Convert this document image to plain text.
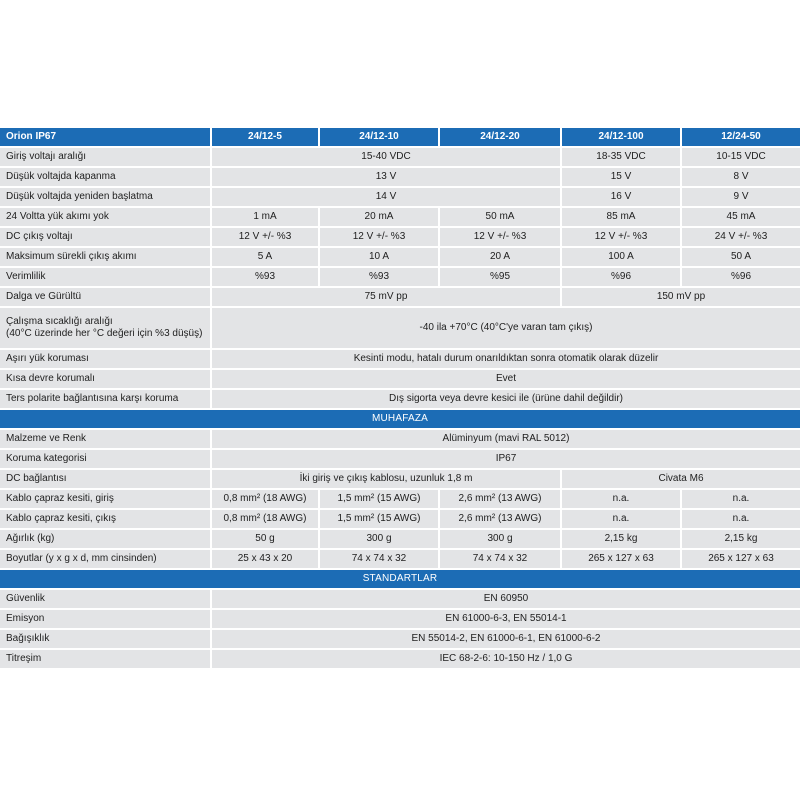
Orion IP67	24/12-5	24/12-10	24/12-20	24/12-100	12/24-50
Giriş voltajı aralığı	15-40 VDC			18-35 VDC	10-15 VDC
Düşük voltajda kapanma	13 V			15 V	8 V
Düşük voltajda yeniden başlatma	14 V			16 V	9 V
24 Voltta yük akımı yok	1 mA	20 mA	50 mA	85 mA	45 mA
DC çıkış voltajı	12 V +/- %3	12 V +/- %3	12 V +/- %3	12 V +/- %3	24 V +/- %3
Maksimum sürekli çıkış akımı	5 A	10 A	20 A	100 A	50 A
Verimlilik	%93	%93	%95	%96	%96
Dalga ve Gürültü	75 mV pp			150 mV pp	

Çalışma sıcaklığı aralığı
(40°C üzerinde her °C değeri için %3 düşüş)	-40 ila +70°C (40°C'ye varan tam çıkış)				
Aşırı yük koruması	Kesinti modu, hatalı durum onarıldıktan sonra otomatik olarak düzelir				
Kısa devre korumalı	Evet				
Ters polarite bağlantısına karşı koruma	Dış sigorta veya devre kesici ile (ürüne dahil değildir)				
MUHAFAZA					
Malzeme ve Renk	Alüminyum (mavi RAL 5012)				
Koruma kategorisi	IP67				
DC bağlantısı	İki giriş ve çıkış kablosu, uzunluk 1,8 m			Civata M6	
Kablo çapraz kesiti, giriş	0,8 mm² (18 AWG)	1,5 mm² (15 AWG)	2,6 mm² (13 AWG)	n.a.	n.a.
Kablo çapraz kesiti, çıkış	0,8 mm² (18 AWG)	1,5 mm² (15 AWG)	2,6 mm² (13 AWG)	n.a.	n.a.
Ağırlık (kg)	50 g	300 g	300 g	2,15 kg	2,15 kg
Boyutlar (y x g x d, mm cinsinden)	25 x 43 x 20	74 x 74 x 32	74 x 74 x 32	265 x 127 x 63	265 x 127 x 63
STANDARTLAR					
Güvenlik	EN 60950				
Emisyon	EN 61000-6-3, EN 55014-1				
Bağışıklık	EN 55014-2, EN 61000-6-1, EN 61000-6-2				
Titreşim	IEC 68-2-6: 10-150 Hz / 1,0 G				
